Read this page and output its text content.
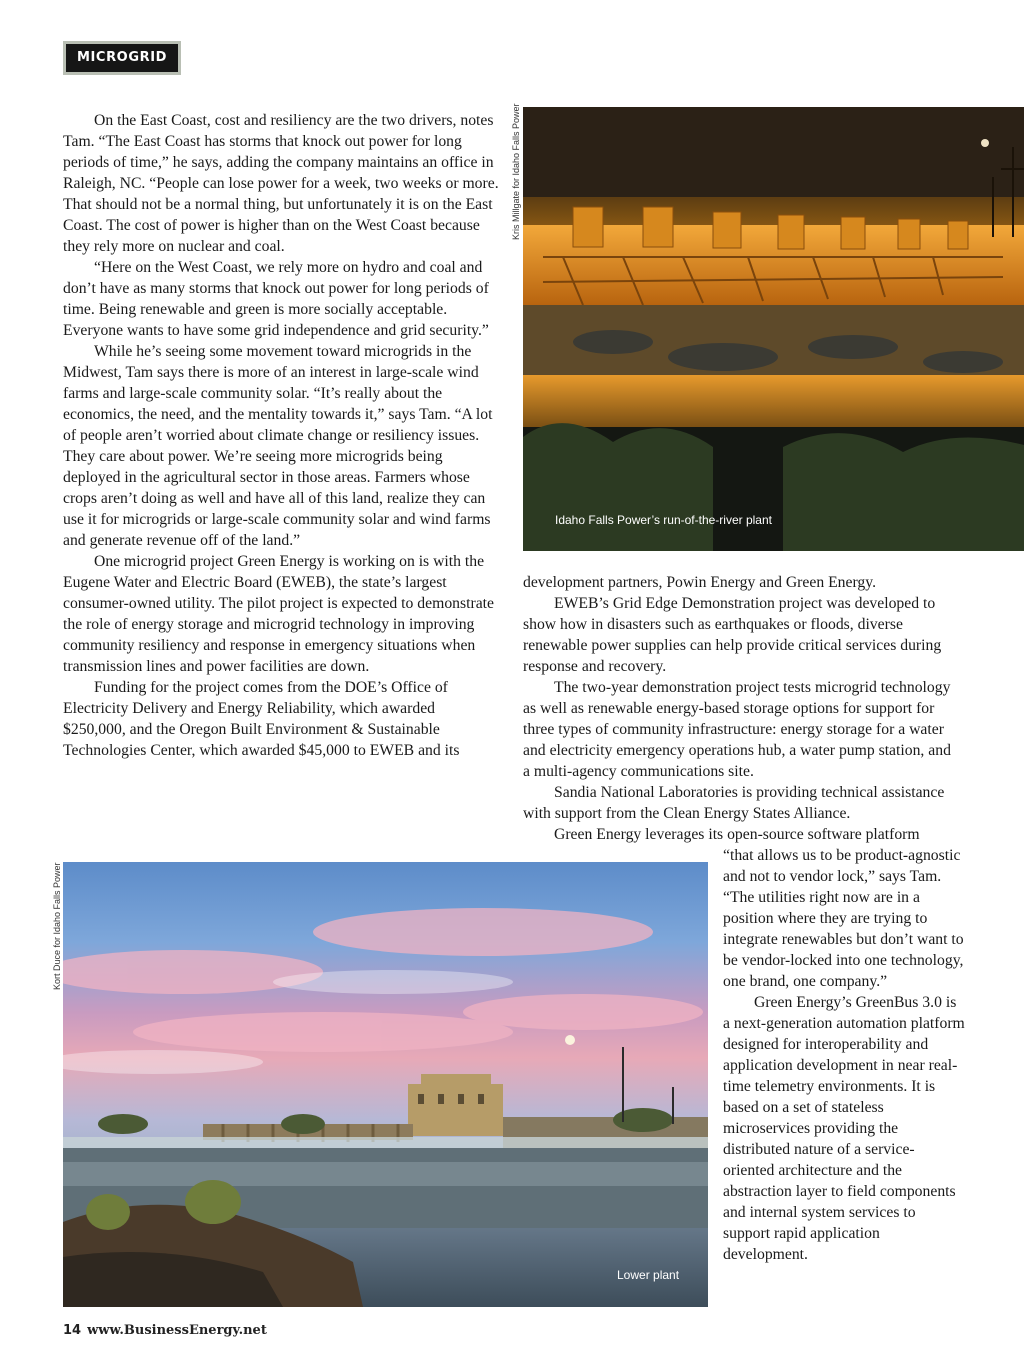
MICROGRID

On the East Coast, cost and resiliency are the two drivers, notes Tam. “The East Coast has storms that knock out power for long periods of time,” he says, adding the company maintains an office in Raleigh, NC. “People can lose power for a week, two weeks or more. That should not be a normal thing, but unfortunately it is on the East Coast. The cost of power is higher than on the West Coast because they rely more on nuclear and coal.

“Here on the West Coast, we rely more on hydro and coal and don’t have as many storms that knock out power for long periods of time. Being renewable and green is more socially acceptable. Everyone wants to have some grid independence and grid security.”

While he’s seeing some movement toward microgrids in the Midwest, Tam says there is more of an interest in large-scale wind farms and large-scale community solar. “It’s really about the economics, the need, and the mentality towards it,” says Tam. “A lot of people aren’t worried about climate change or resiliency issues. They care about power. We’re seeing more microgrids being deployed in the agricultural sector in those areas. Farmers whose crops aren’t doing as well and have all of this land, realize they can use it for microgrids or large-scale community solar and wind farms and generate revenue off of the land.”

One microgrid project Green Energy is working on is with the Eugene Water and Electric Board (EWEB), the state’s largest consumer-owned utility. The pilot project is expected to demonstrate the role of energy storage and microgrid technology in improving community resiliency and response in emergency situations when transmission lines and power facilities are down.

Funding for the project comes from the DOE’s Office of Electricity Delivery and Energy Reliability, which awarded $250,000, and the Oregon Built Environment & Sustainable Technologies Center, which awarded $45,000 to EWEB and its

Kris Millgate for Idaho Falls Power
Idaho Falls Power’s run-of-the-river plant

development partners, Powin Energy and Green Energy.

EWEB’s Grid Edge Demonstration project was developed to show how in disasters such as earthquakes or floods, diverse renewable power supplies can help provide critical services during response and recovery.

The two-year demonstration project tests microgrid technology as well as renewable energy-based storage options for support for three types of community infrastructure: energy storage for a water and electricity emergency operations hub, a water pump station, and a multi-agency communications site.

Sandia National Laboratories is providing technical assistance with support from the Clean Energy States Alliance.

Green Energy leverages its open-source software platform

Kort Duce for Idaho Falls Power
Lower plant

“that allows us to be product-agnostic and not to vendor lock,” says Tam. “The utilities right now are in a position where they are trying to integrate renewables but don’t want to be vendor-locked into one technology, one brand, one company.”

Green Energy’s GreenBus 3.0 is a next-generation automation platform designed for interoperability and application development in near real-time telemetry environments. It is based on a set of stateless microservices providing the distributed nature of a service-oriented architecture and the abstraction layer to field components and internal system services to support rapid application development.

14 www.BusinessEnergy.net
